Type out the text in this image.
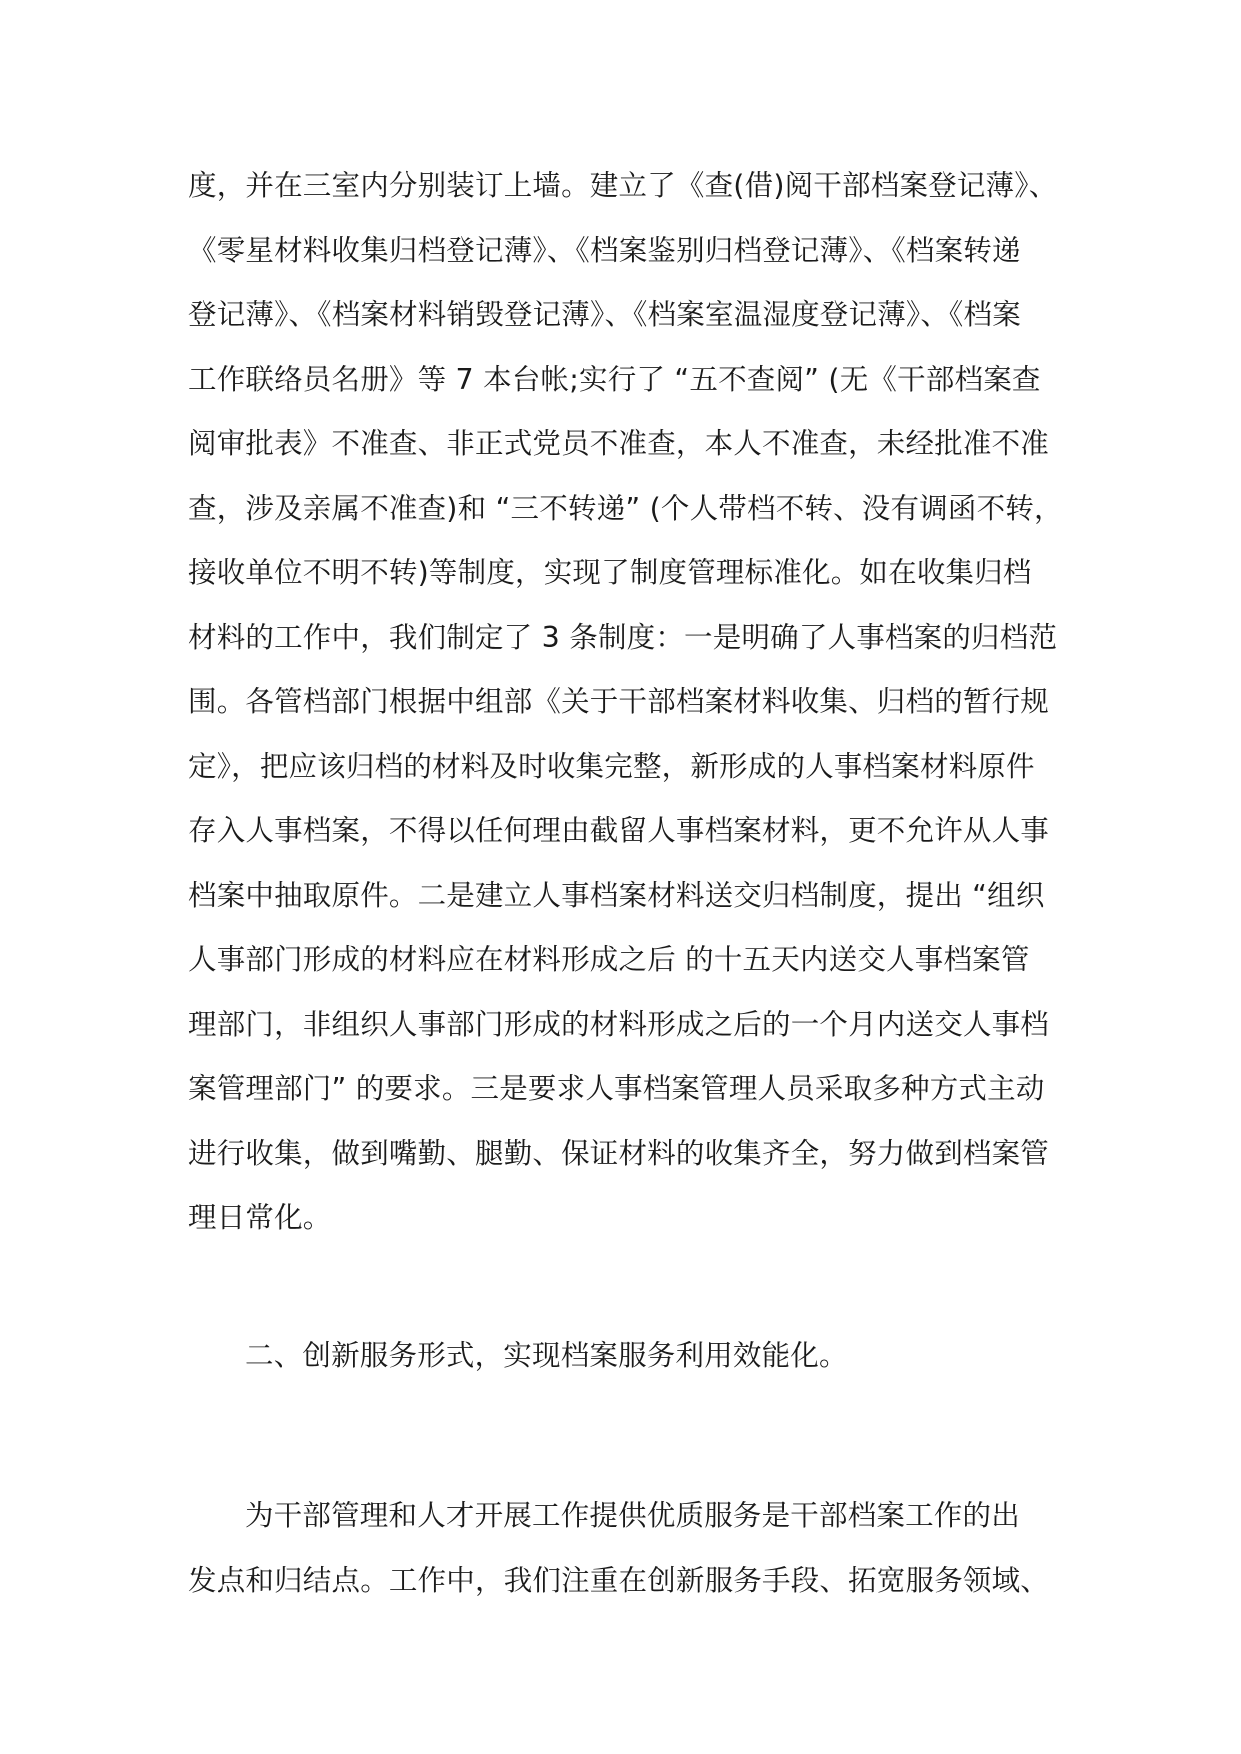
度，并在三室内分别装订上墙。建立了《查(借)阅干部档案登记薄》、
《零星材料收集归档登记薄》、《档案鉴别归档登记薄》、《档案转递
登记薄》、《档案材料销毁登记薄》、《档案室温湿度登记薄》、《档案
工作联络员名册》等 7 本台帐;实行了 “五不查阅” (无《干部档案查
阅审批表》不准查、非正式党员不准查，本人不准查，未经批准不准
查，涉及亲属不准查)和 “三不转递” (个人带档不转、没有调函不转，
接收单位不明不转)等制度，实现了制度管理标准化。如在收集归档
材料的工作中，我们制定了 3 条制度：一是明确了人事档案的归档范
围。各管档部门根据中组部《关于干部档案材料收集、归档的暂行规
定》，把应该归档的材料及时收集完整，新形成的人事档案材料原件
存入人事档案，不得以任何理由截留人事档案材料，更不允许从人事
档案中抽取原件。二是建立人事档案材料送交归档制度，提出 “组织
人事部门形成的材料应在材料形成之后 的十五天内送交人事档案管
理部门，非组织人事部门形成的材料形成之后的一个月内送交人事档
案管理部门” 的要求。三是要求人事档案管理人员采取多种方式主动
进行收集，做到嘴勤、腿勤、保证材料的收集齐全，努力做到档案管
理日常化。
二、创新服务形式，实现档案服务利用效能化。
为干部管理和人才开展工作提供优质服务是干部档案工作的出
发点和归结点。工作中，我们注重在创新服务手段、拓宽服务领域、
